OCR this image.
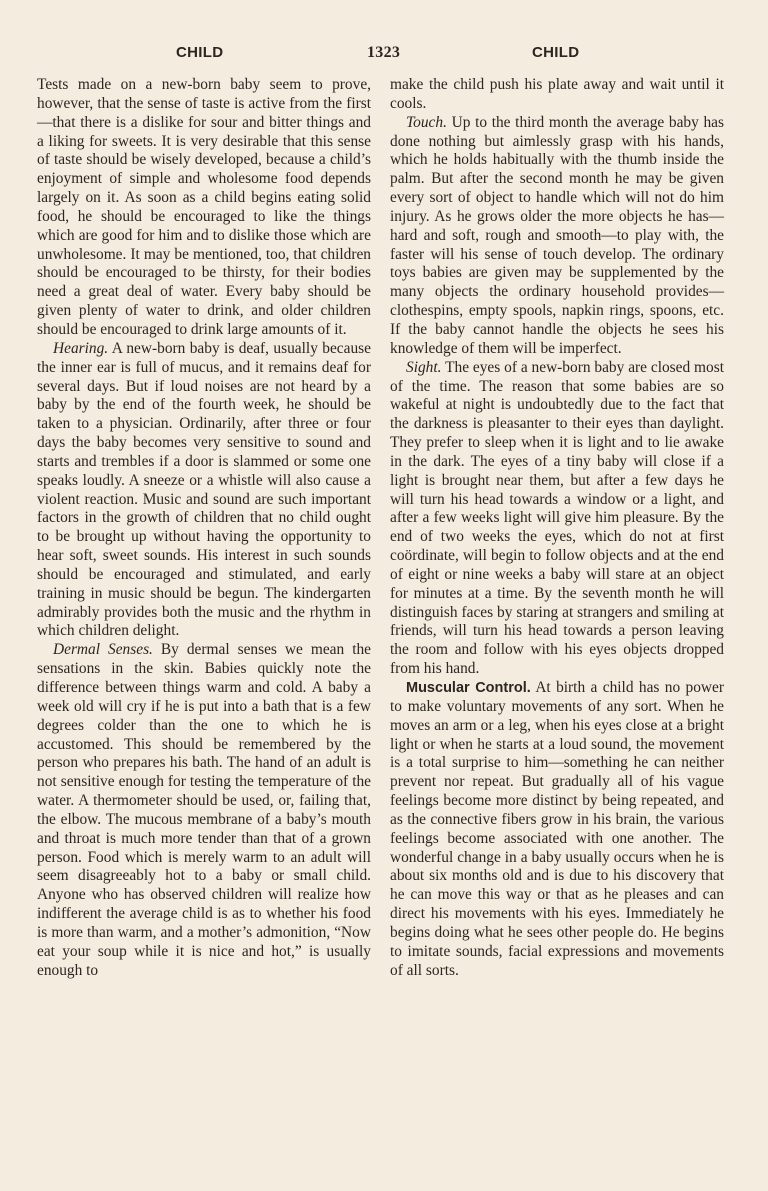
CHILD	1323	CHILD

Tests made on a new-born baby seem to prove, however, that the sense of taste is active from the first—that there is a dislike for sour and bitter things and a liking for sweets. It is very desirable that this sense of taste should be wisely developed, because a child’s enjoyment of simple and wholesome food depends largely on it. As soon as a child begins eating solid food, he should be encouraged to like the things which are good for him and to dislike those which are unwholesome. It may be mentioned, too, that children should be encouraged to be thirsty, for their bodies need a great deal of water. Every baby should be given plenty of water to drink, and older children should be encouraged to drink large amounts of it.

Hearing. A new-born baby is deaf, usually because the inner ear is full of mucus, and it remains deaf for several days. But if loud noises are not heard by a baby by the end of the fourth week, he should be taken to a physician. Ordinarily, after three or four days the baby becomes very sensitive to sound and starts and trembles if a door is slammed or some one speaks loudly. A sneeze or a whistle will also cause a violent reaction. Music and sound are such important factors in the growth of children that no child ought to be brought up without having the opportunity to hear soft, sweet sounds. His interest in such sounds should be encouraged and stimulated, and early training in music should be begun. The kindergarten admirably provides both the music and the rhythm in which children delight.

Dermal Senses. By dermal senses we mean the sensations in the skin. Babies quickly note the difference between things warm and cold. A baby a week old will cry if he is put into a bath that is a few degrees colder than the one to which he is accustomed. This should be remembered by the person who prepares his bath. The hand of an adult is not sensitive enough for testing the temperature of the water. A thermometer should be used, or, failing that, the elbow. The mucous membrane of a baby’s mouth and throat is much more tender than that of a grown person. Food which is merely warm to an adult will seem disagreeably hot to a baby or small child. Anyone who has observed children will realize how indifferent the average child is as to whether his food is more than warm, and a mother’s admonition, “Now eat your soup while it is nice and hot,” is usually enough to

make the child push his plate away and wait until it cools.

Touch. Up to the third month the average baby has done nothing but aimlessly grasp with his hands, which he holds habitually with the thumb inside the palm. But after the second month he may be given every sort of object to handle which will not do him injury. As he grows older the more objects he has—hard and soft, rough and smooth—to play with, the faster will his sense of touch develop. The ordinary toys babies are given may be supplemented by the many objects the ordinary household provides—clothespins, empty spools, napkin rings, spoons, etc. If the baby cannot handle the objects he sees his knowledge of them will be imperfect.

Sight. The eyes of a new-born baby are closed most of the time. The reason that some babies are so wakeful at night is undoubtedly due to the fact that the darkness is pleasanter to their eyes than daylight. They prefer to sleep when it is light and to lie awake in the dark. The eyes of a tiny baby will close if a light is brought near them, but after a few days he will turn his head towards a window or a light, and after a few weeks light will give him pleasure. By the end of two weeks the eyes, which do not at first coördinate, will begin to follow objects and at the end of eight or nine weeks a baby will stare at an object for minutes at a time. By the seventh month he will distinguish faces by staring at strangers and smiling at friends, will turn his head towards a person leaving the room and follow with his eyes objects dropped from his hand.

Muscular Control. At birth a child has no power to make voluntary movements of any sort. When he moves an arm or a leg, when his eyes close at a bright light or when he starts at a loud sound, the movement is a total surprise to him—something he can neither prevent nor repeat. But gradually all of his vague feelings become more distinct by being repeated, and as the connective fibers grow in his brain, the various feelings become associated with one another. The wonderful change in a baby usually occurs when he is about six months old and is due to his discovery that he can move this way or that as he pleases and can direct his movements with his eyes. Immediately he begins doing what he sees other people do. He begins to imitate sounds, facial expressions and movements of all sorts.
